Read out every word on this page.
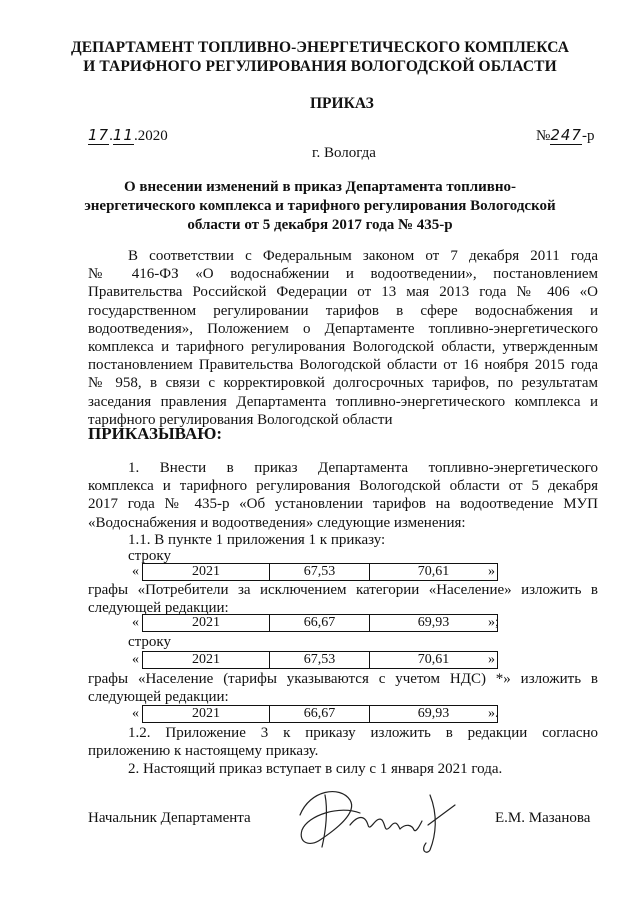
ДЕПАРТАМЕНТ ТОПЛИВНО-ЭНЕРГЕТИЧЕСКОГО КОМПЛЕКСА
И ТАРИФНОГО РЕГУЛИРОВАНИЯ ВОЛОГОДСКОЙ ОБЛАСТИ
ПРИКАЗ
17.11.2020	№247-р
г. Вологда
О внесении изменений в приказ Департамента топливно-
энергетического комплекса и тарифного регулирования Вологодской
области от 5 декабря 2017 года № 435-р
В соответствии с Федеральным законом от 7 декабря 2011 года
№ 416-ФЗ «О водоснабжении и водоотведении», постановлением
Правительства Российской Федерации от 13 мая 2013 года № 406 «О
государственном регулировании тарифов в сфере водоснабжения и
водоотведения», Положением о Департаменте топливно-энергетического
комплекса и тарифного регулирования Вологодской области, утвержденным
постановлением Правительства Вологодской области от 16 ноября 2015 года
№ 958, в связи с корректировкой долгосрочных тарифов, по результатам
заседания правления Департамента топливно-энергетического комплекса и
тарифного регулирования Вологодской области
ПРИКАЗЫВАЮ:
1. Внести в приказ Департамента топливно-энергетического
комплекса и тарифного регулирования Вологодской области от 5 декабря
2017 года № 435-р «Об установлении тарифов на водоотведение МУП
«Водоснабжения и водоотведения» следующие изменения:
1.1. В пункте 1 приложения 1 к приказу:
строку
«	2021	67,53	70,61	»
графы «Потребители за исключением категории «Население» изложить в
следующей редакции:
«	2021	66,67	69,93	»;
строку
«	2021	67,53	70,61	»
графы «Население (тарифы указываются с учетом НДС) *» изложить в
следующей редакции:
«	2021	66,67	69,93	».
1.2. Приложение 3 к приказу изложить в редакции согласно
приложению к настоящему приказу.
2. Настоящий приказ вступает в силу с 1 января 2021 года.
Начальник Департамента	Е.М. Мазанова
